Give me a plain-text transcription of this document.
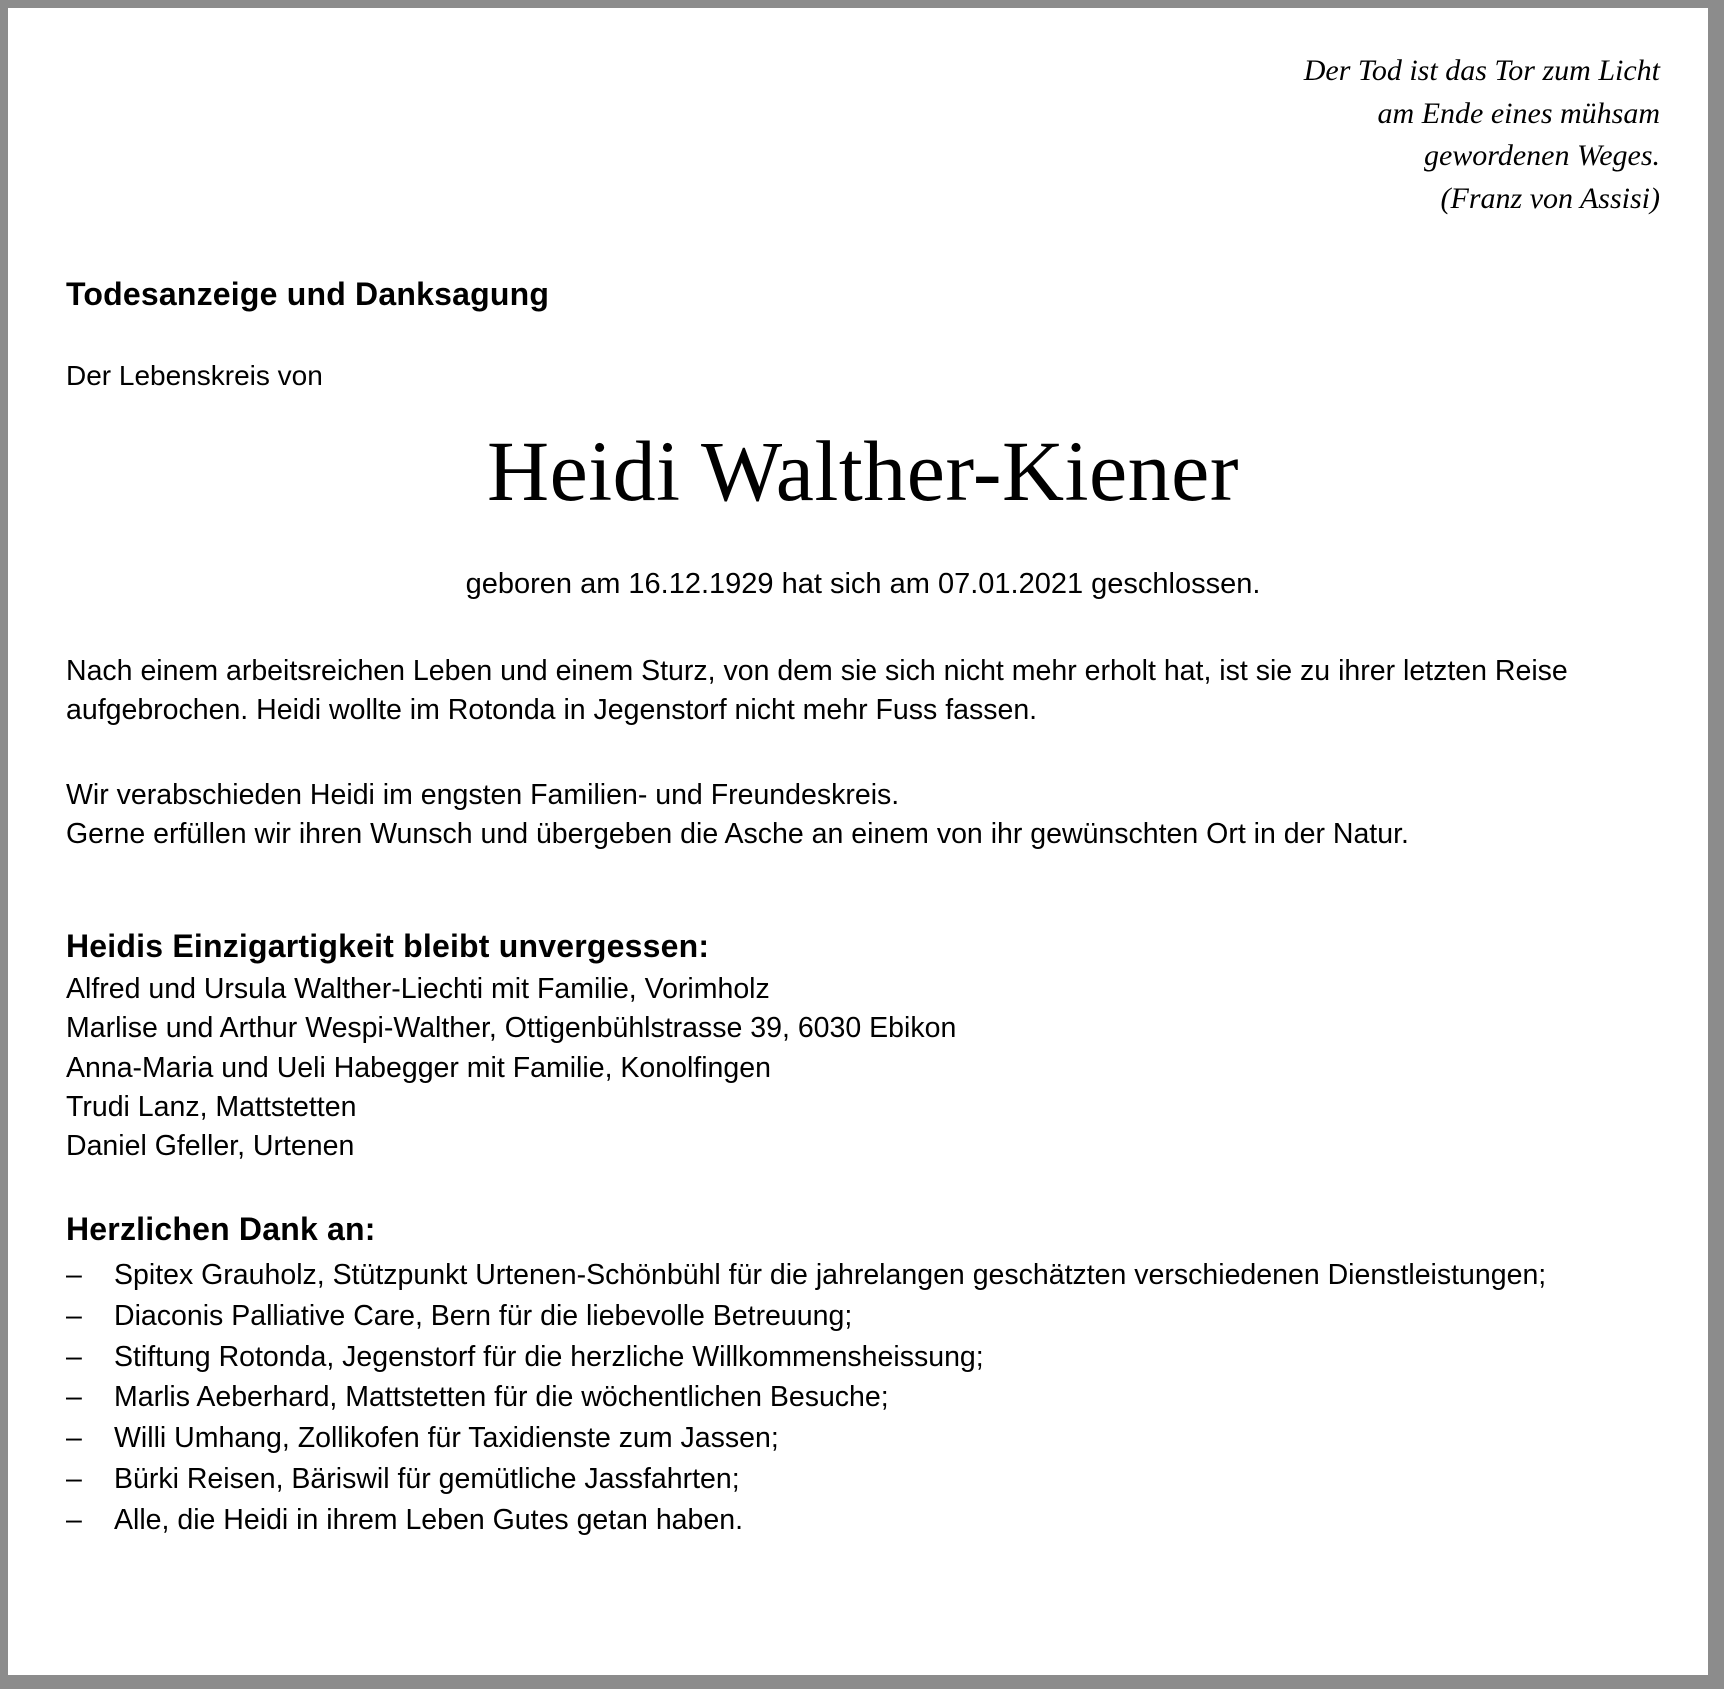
Der Tod ist das Tor zum Licht
am Ende eines mühsam
gewordenen Weges.
(Franz von Assisi)
Todesanzeige und Danksagung
Der Lebenskreis von
Heidi Walther-Kiener
geboren am 16.12.1929 hat sich am 07.01.2021 geschlossen.
Nach einem arbeitsreichen Leben und einem Sturz, von dem sie sich nicht mehr erholt hat, ist sie zu ihrer letzten Reise aufgebrochen. Heidi wollte im Rotonda in Jegenstorf nicht mehr Fuss fassen.
Wir verabschieden Heidi im engsten Familien- und Freundeskreis.
Gerne erfüllen wir ihren Wunsch und übergeben die Asche an einem von ihr gewünschten Ort in der Natur.
Heidis Einzigartigkeit bleibt unvergessen:
Alfred und Ursula Walther-Liechti mit Familie, Vorimholz
Marlise und Arthur Wespi-Walther, Ottigenbühlstrasse 39, 6030 Ebikon
Anna-Maria und Ueli Habegger mit Familie, Konolfingen
Trudi Lanz, Mattstetten
Daniel Gfeller, Urtenen
Herzlichen Dank an:
–	Spitex Grauholz, Stützpunkt Urtenen-Schönbühl für die jahrelangen geschätzten verschiedenen Dienstleistungen;
–	Diaconis Palliative Care, Bern für die liebevolle Betreuung;
–	Stiftung Rotonda, Jegenstorf für die herzliche Willkommensheissung;
–	Marlis Aeberhard, Mattstetten für die wöchentlichen Besuche;
–	Willi Umhang, Zollikofen für Taxidienste zum Jassen;
–	Bürki Reisen, Bäriswil für gemütliche Jassfahrten;
–	Alle, die Heidi in ihrem Leben Gutes getan haben.
